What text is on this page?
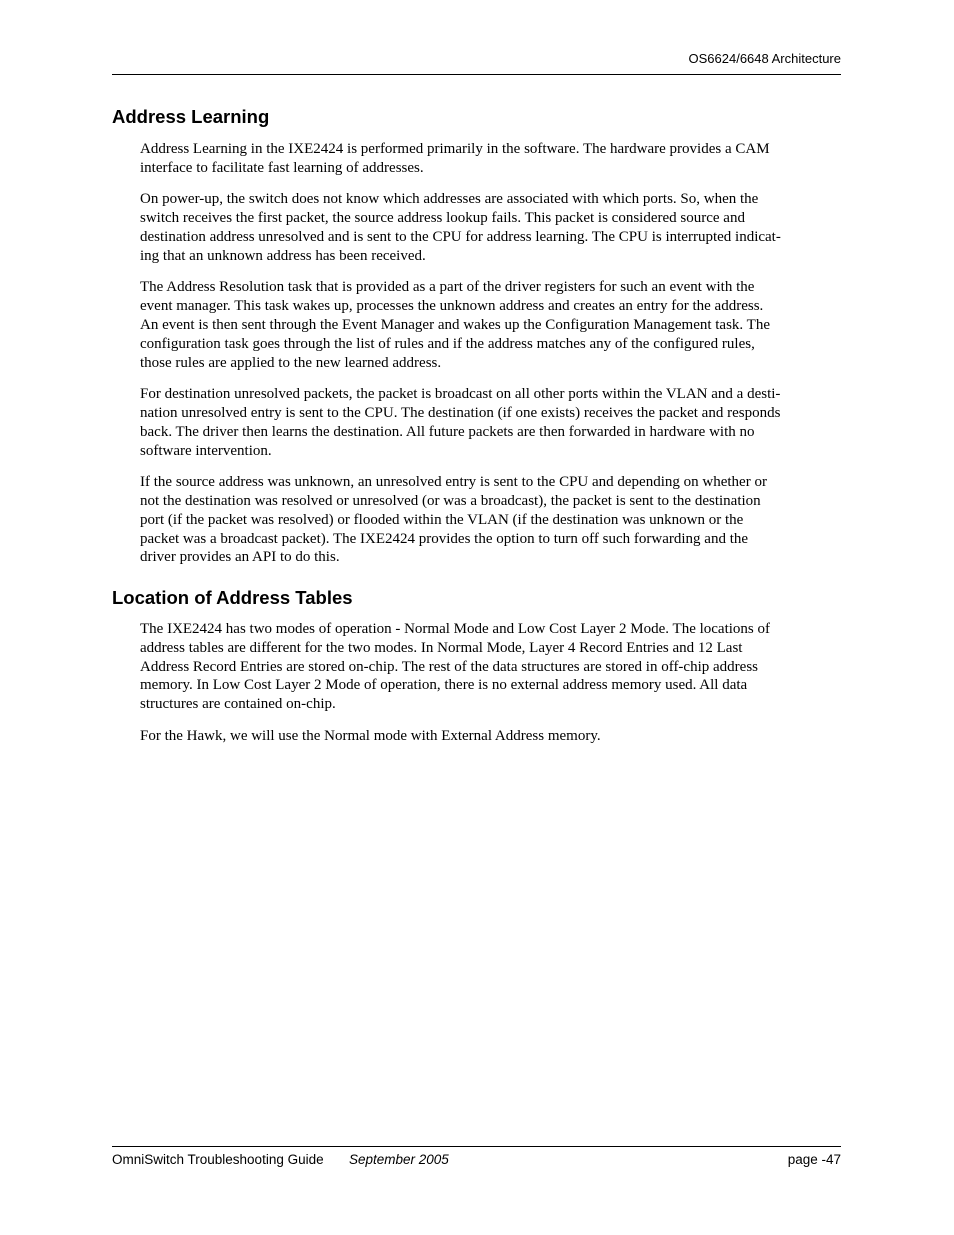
OS6624/6648 Architecture
Address Learning

Address Learning in the IXE2424 is performed primarily in the software. The hardware provides a CAM
interface to facilitate fast learning of addresses.

On power-up, the switch does not know which addresses are associated with which ports. So, when the
switch receives the first packet, the source address lookup fails. This packet is considered source and
destination address unresolved and is sent to the CPU for address learning. The CPU is interrupted indicat-
ing that an unknown address has been received.

The Address Resolution task that is provided as a part of the driver registers for such an event with the
event manager. This task wakes up, processes the unknown address and creates an entry for the address.
An event is then sent through the Event Manager and wakes up the Configuration Management task. The
configuration task goes through the list of rules and if the address matches any of the configured rules,
those rules are applied to the new learned address.

For destination unresolved packets, the packet is broadcast on all other ports within the VLAN and a desti-
nation unresolved entry is sent to the CPU. The destination (if one exists) receives the packet and responds
back. The driver then learns the destination. All future packets are then forwarded in hardware with no
software intervention.

If the source address was unknown, an unresolved entry is sent to the CPU and depending on whether or
not the destination was resolved or unresolved (or was a broadcast), the packet is sent to the destination
port (if the packet was resolved) or flooded within the VLAN (if the destination was unknown or the
packet was a broadcast packet). The IXE2424 provides the option to turn off such forwarding and the
driver provides an API to do this.

Location of Address Tables

The IXE2424 has two modes of operation - Normal Mode and Low Cost Layer 2 Mode. The locations of
address tables are different for the two modes. In Normal Mode, Layer 4 Record Entries and 12 Last
Address Record Entries are stored on-chip. The rest of the data structures are stored in off-chip address
memory. In Low Cost Layer 2 Mode of operation, there is no external address memory used. All data
structures are contained on-chip.

For the Hawk, we will use the Normal mode with External Address memory.

OmniSwitch Troubleshooting Guide September 2005	page -47
